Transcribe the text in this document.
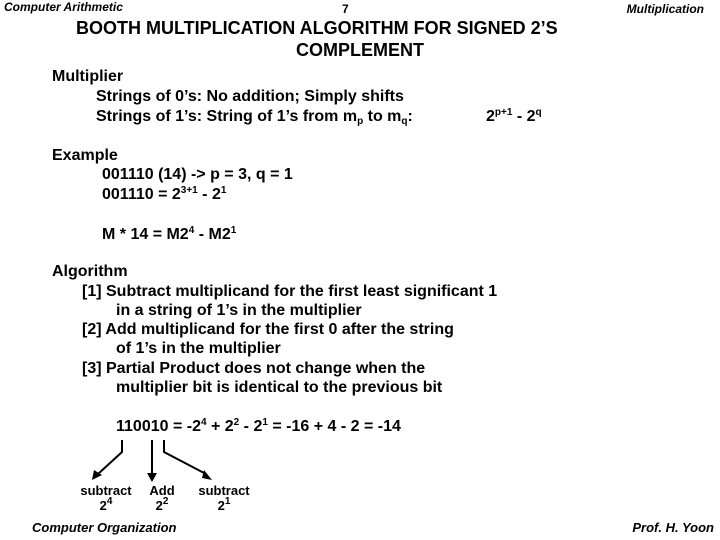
Computer Arithmetic	7	Multiplication
BOOTH MULTIPLICATION ALGORITHM FOR SIGNED 2’S
COMPLEMENT
Multiplier
Strings of 0’s: No addition; Simply shifts
Strings of 1’s: String of 1’s from $m_p$ to $m_q$:	$2^{p+1} - 2^q$
Example
001110 (14) -> p = 3, q = 1
$001110 = 2^{3+1} - 2^1$
$M * 14 = M2^4 - M2^1$
Algorithm
[1] Subtract multiplicand for the first least significant 1
in a string of 1’s in the multiplier
[2] Add multiplicand for the first 0 after the string
of 1’s in the multiplier
[3] Partial Product does not change when the
multiplier bit is identical to the previous bit
$110010 = -2^4 + 2^2 - 2^1 = -16 + 4 - 2 = -14$
subtract
$2^4$
Add
$2^2$
subtract
$2^1$
Computer Organization	Prof. H. Yoon
